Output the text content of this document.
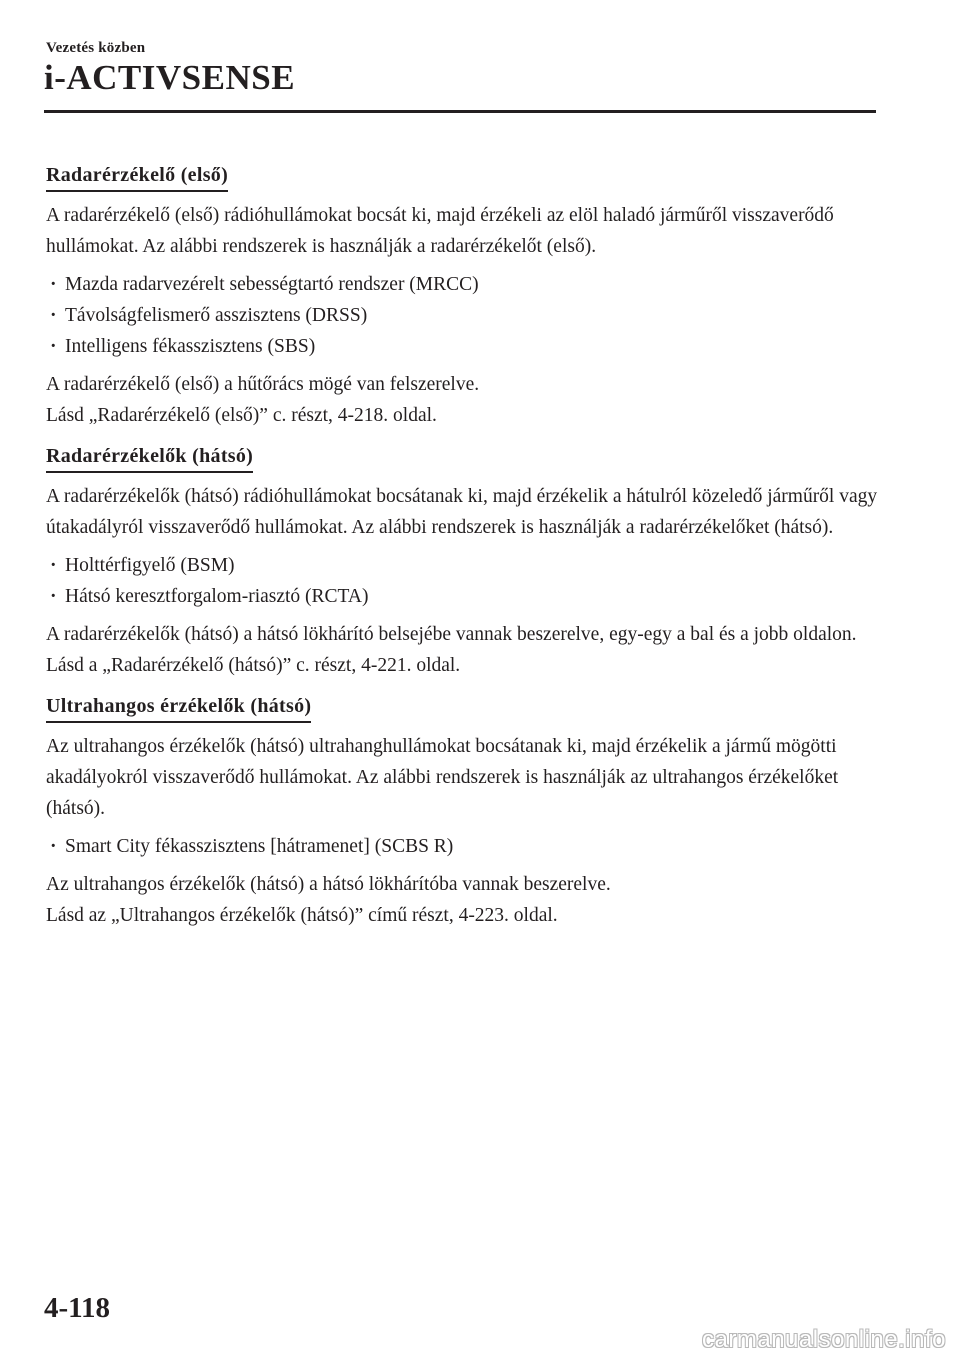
Vezetés közben
i-ACTIVSENSE
Radarérzékelő (első)

A radarérzékelő (első) rádióhullámokat bocsát ki, majd érzékeli az elöl haladó járműről visszaverődő hullámokat. Az alábbi rendszerek is használják a radarérzékelőt (első).

· Mazda radarvezérelt sebességtartó rendszer (MRCC)
· Távolságfelismerő asszisztens (DRSS)
· Intelligens fékasszisztens (SBS)

A radarérzékelő (első) a hűtőrács mögé van felszerelve.

Lásd „Radarérzékelő (első)” c. részt, 4-218. oldal.

Radarérzékelők (hátsó)

A radarérzékelők (hátsó) rádióhullámokat bocsátanak ki, majd érzékelik a hátulról közeledő járműről vagy útakadályról visszaverődő hullámokat. Az alábbi rendszerek is használják a radarérzékelőket (hátsó).

· Holttérfigyelő (BSM)
· Hátsó keresztforgalom-riasztó (RCTA)

A radarérzékelők (hátsó) a hátsó lökhárító belsejébe vannak beszerelve, egy-egy a bal és a jobb oldalon.

Lásd a „Radarérzékelő (hátsó)” c. részt, 4-221. oldal.

Ultrahangos érzékelők (hátsó)

Az ultrahangos érzékelők (hátsó) ultrahanghullámokat bocsátanak ki, majd érzékelik a jármű mögötti akadályokról visszaverődő hullámokat. Az alábbi rendszerek is használják az ultrahangos érzékelőket (hátsó).

· Smart City fékasszisztens [hátramenet] (SCBS R)

Az ultrahangos érzékelők (hátsó) a hátsó lökhárítóba vannak beszerelve.

Lásd az „Ultrahangos érzékelők (hátsó)” című részt, 4-223. oldal.

4-118
carmanualsonline.info
